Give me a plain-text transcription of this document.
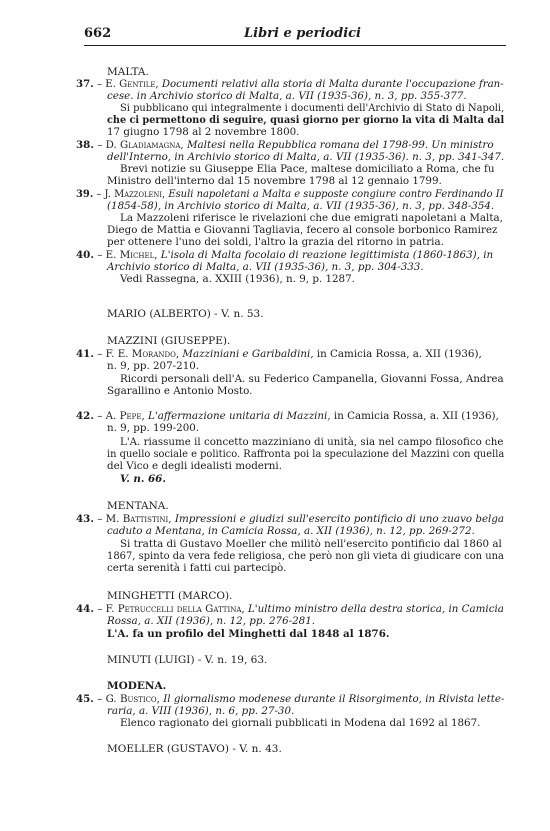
662	Libri e periodici
MALTA.
37. – E. Gentile, Documenti relativi alla storia di Malta durante l'occupazione fran-
cese. in Archivio storico di Malta, a. VII (1935-36), n. 3, pp. 355-377.
Si pubblicano qui integralmente i documenti dell'Archivio di Stato di Napoli,
che ci permettono di seguire, quasi giorno per giorno la vita di Malta dal
17 giugno 1798 al 2 novembre 1800.
38. – D. Gladiamagna, Maltesi nella Repubblica romana del 1798-99. Un ministro
dell'Interno, in Archivio storico di Malta, a. VII (1935-36). n. 3, pp. 341-347.
Brevi notizie su Giuseppe Elia Pace, maltese domiciliato a Roma, che fu
Ministro dell'interno dal 15 novembre 1798 al 12 gennaio 1799.
39. – J. Mazzoleni, Esuli napoletani a Malta e supposte congiure contro Ferdinando II
(1854-58), in Archivio storico di Malta, a. VII (1935-36), n. 3, pp. 348-354.
La Mazzoleni riferisce le rivelazioni che due emigrati napoletani a Malta,
Diego de Mattia e Giovanni Tagliavia, fecero al console borbonico Ramirez
per ottenere l'uno dei soldi, l'altro la grazia del ritorno in patria.
40. – E. Michel, L'isola di Malta focolaio di reazione legittimista (1860-1863), in
Archivio storico di Malta, a. VII (1935-36), n. 3, pp. 304-333.
Vedi Rassegna, a. XXIII (1936), n. 9, p. 1287.
MARIO (ALBERTO) - V. n. 53.
MAZZINI (GIUSEPPE).
41. – F. E. Morando, Mazziniani e Garibaldini, in Camicia Rossa, a. XII (1936),
n. 9, pp. 207-210.
Ricordi personali dell'A. su Federico Campanella, Giovanni Fossa, Andrea
Sgarallino e Antonio Mosto.
42. – A. Pepe, L'affermazione unitaria di Mazzini, in Camicia Rossa, a. XII (1936),
n. 9, pp. 199-200.
L'A. riassume il concetto mazziniano di unità, sia nel campo filosofico che
in quello sociale e politico. Raffronta poi la speculazione del Mazzini con quella
del Vico e degli idealisti moderni.
V. n. 66.
MENTANA.
43. – M. Battistini, Impressioni e giudizi sull'esercito pontificio di uno zuavo belga
caduto a Mentana, in Camicia Rossa, a. XII (1936), n. 12, pp. 269-272.
Si tratta di Gustavo Moeller che militò nell'esercito pontificio dal 1860 al
1867, spinto da vera fede religiosa, che però non gli vieta di giudicare con una
certa serenità i fatti cui partecipò.
MINGHETTI (MARCO).
44. – F. Petruccelli della Gattina, L'ultimo ministro della destra storica, in Camicia
Rossa, a. XII (1936), n. 12, pp. 276-281.
L'A. fa un profilo del Minghetti dal 1848 al 1876.
MINUTI (LUIGI) - V. n. 19, 63.
MODENA.
45. – G. Bustico, Il giornalismo modenese durante il Risorgimento, in Rivista lette-
raria, a. VIII (1936), n. 6, pp. 27-30.
Elenco ragionato dei giornali pubblicati in Modena dal 1692 al 1867.
MOELLER (GUSTAVO) - V. n. 43.
